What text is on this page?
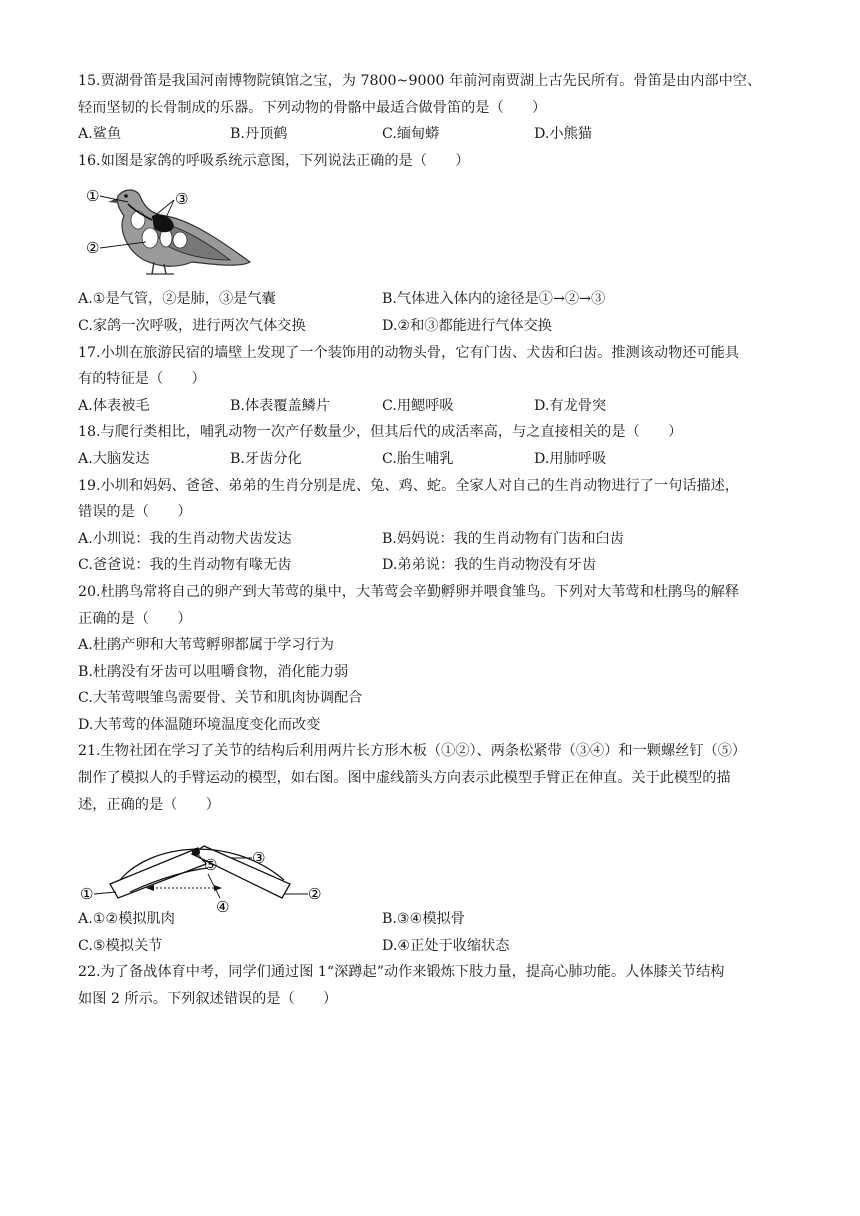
15.贾湖骨笛是我国河南博物院镇馆之宝，为 7800~9000 年前河南贾湖上古先民所有。骨笛是由内部中空、
轻而坚韧的长骨制成的乐器。下列动物的骨骼中最适合做骨笛的是（　　）
A.鲨鱼	B.丹顶鹤	C.缅甸蟒	D.小熊猫
16.如图是家鸽的呼吸系统示意图，下列说法正确的是（　　）
①
②
③
A.①是气管，②是肺，③是气囊	B.气体进入体内的途径是①→②→③
C.家鸽一次呼吸，进行两次气体交换	D.②和③都能进行气体交换
17.小圳在旅游民宿的墙壁上发现了一个装饰用的动物头骨，它有门齿、犬齿和臼齿。推测该动物还可能具
有的特征是（　　）
A.体表被毛	B.体表覆盖鳞片	C.用鳃呼吸	D.有龙骨突
18.与爬行类相比，哺乳动物一次产仔数量少，但其后代的成活率高，与之直接相关的是（　　）
A.大脑发达	B.牙齿分化	C.胎生哺乳	D.用肺呼吸
19.小圳和妈妈、爸爸、弟弟的生肖分别是虎、兔、鸡、蛇。全家人对自己的生肖动物进行了一句话描述，
错误的是（　　）
A.小圳说：我的生肖动物犬齿发达	B.妈妈说：我的生肖动物有门齿和臼齿
C.爸爸说：我的生肖动物有喙无齿	D.弟弟说：我的生肖动物没有牙齿
20.杜鹃鸟常将自己的卵产到大苇莺的巢中，大苇莺会辛勤孵卵并喂食雏鸟。下列对大苇莺和杜鹃鸟的解释
正确的是（　　）
A.杜鹃产卵和大苇莺孵卵都属于学习行为
B.杜鹃没有牙齿可以咀嚼食物，消化能力弱
C.大苇莺喂雏鸟需要骨、关节和肌肉协调配合
D.大苇莺的体温随环境温度变化而改变
21.生物社团在学习了关节的结构后利用两片长方形木板（①②）、两条松紧带（③④）和一颗螺丝钉（⑤）
制作了模拟人的手臂运动的模型，如右图。图中虚线箭头方向表示此模型手臂正在伸直。关于此模型的描
述，正确的是（　　）
①	②
③
④
⑤
A.①②模拟肌肉	B.③④模拟骨
C.⑤模拟关节	D.④正处于收缩状态
22.为了备战体育中考，同学们通过图 1“深蹲起”动作来锻炼下肢力量，提高心肺功能。人体膝关节结构
如图 2 所示。下列叙述错误的是（　　）
